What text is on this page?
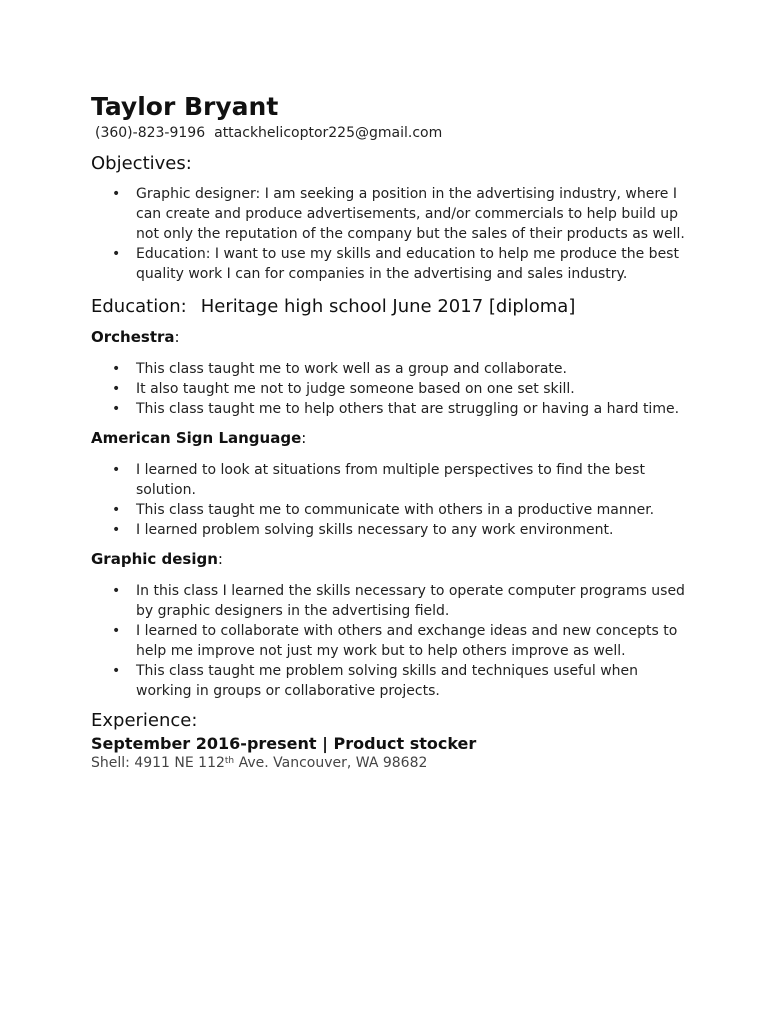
Taylor Bryant
(360)-823-9196 attackhelicoptor225@gmail.com
Objectives:
• Graphic designer: I am seeking a position in the advertising industry, where I can create and produce advertisements, and/or commercials to help build up not only the reputation of the company but the sales of their products as well.
• Education: I want to use my skills and education to help me produce the best quality work I can for companies in the advertising and sales industry.
Education: Heritage high school June 2017 [diploma]
Orchestra:
• This class taught me to work well as a group and collaborate.
• It also taught me not to judge someone based on one set skill.
• This class taught me to help others that are struggling or having a hard time.
American Sign Language:
• I learned to look at situations from multiple perspectives to find the best solution.
• This class taught me to communicate with others in a productive manner.
• I learned problem solving skills necessary to any work environment.
Graphic design:
• In this class I learned the skills necessary to operate computer programs used by graphic designers in the advertising field.
• I learned to collaborate with others and exchange ideas and new concepts to help me improve not just my work but to help others improve as well.
• This class taught me problem solving skills and techniques useful when working in groups or collaborative projects.
Experience:
September 2016-present | Product stocker
Shell: 4911 NE 112th Ave. Vancouver, WA 98682
